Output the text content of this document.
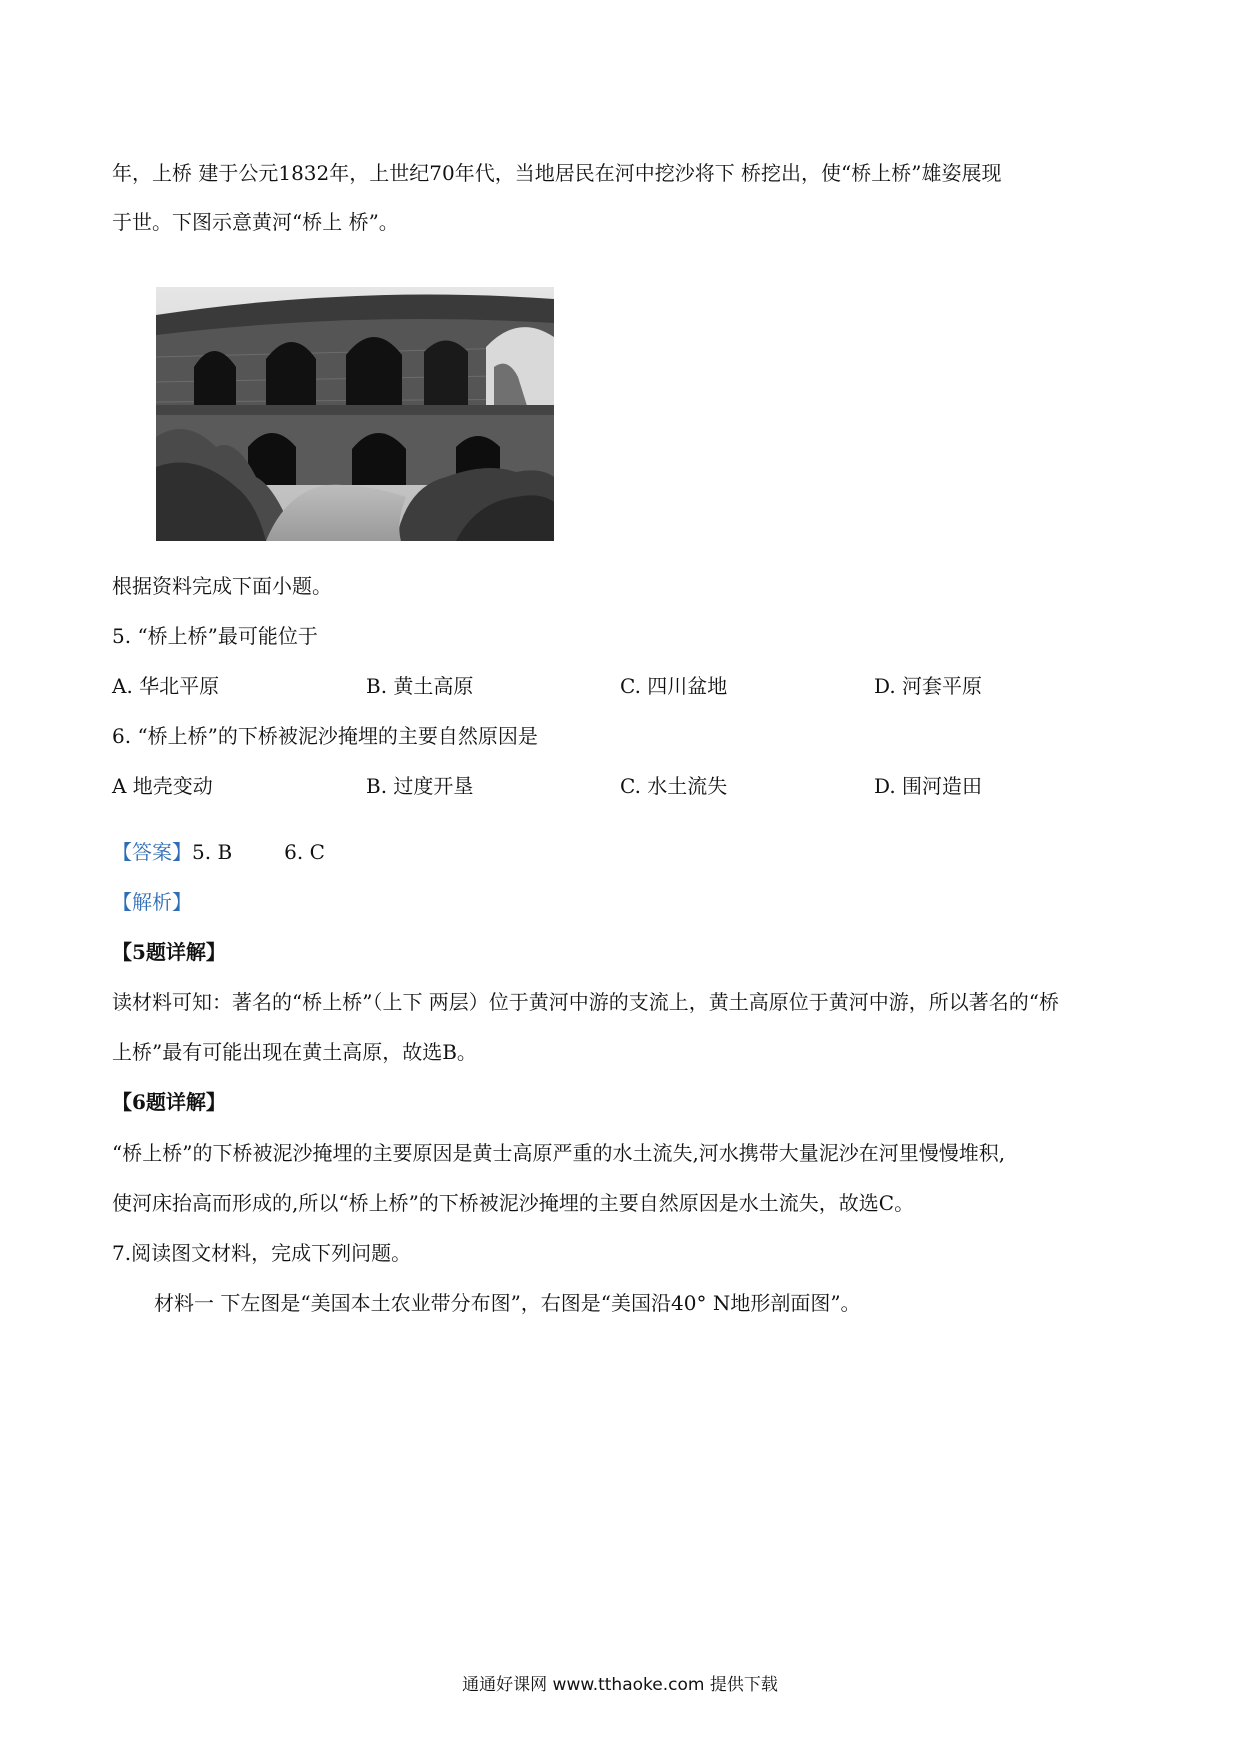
年，上桥 建于公元1832年，上世纪70年代，当地居民在河中挖沙将下 桥挖出，使“桥上桥”雄姿展现
于世。下图示意黄河“桥上 桥”。
根据资料完成下面小题。
5. “桥上桥”最可能位于
A. 华北平原	B. 黄土高原	C. 四川盆地	D. 河套平原
6. “桥上桥”的下桥被泥沙掩埋的主要自然原因是
A 地壳变动	B. 过度开垦	C. 水土流失	D. 围河造田
【答案】5. B	6. C
【解析】
【5题详解】
读材料可知：著名的“桥上桥”（上下 两层）位于黄河中游的支流上，黄土高原位于黄河中游，所以著名的“桥
上桥”最有可能出现在黄土高原，故选B。
【6题详解】
“桥上桥”的下桥被泥沙掩埋的主要原因是黄士高原严重的水土流失,河水携带大量泥沙在河里慢慢堆积,
使河床抬高而形成的,所以“桥上桥”的下桥被泥沙掩埋的主要自然原因是水土流失，故选C。
7.阅读图文材料，完成下列问题。
材料一 下左图是“美国本土农业带分布图”，右图是“美国沿40° N地形剖面图”。
通通好课网 www.tthaoke.com 提供下载
